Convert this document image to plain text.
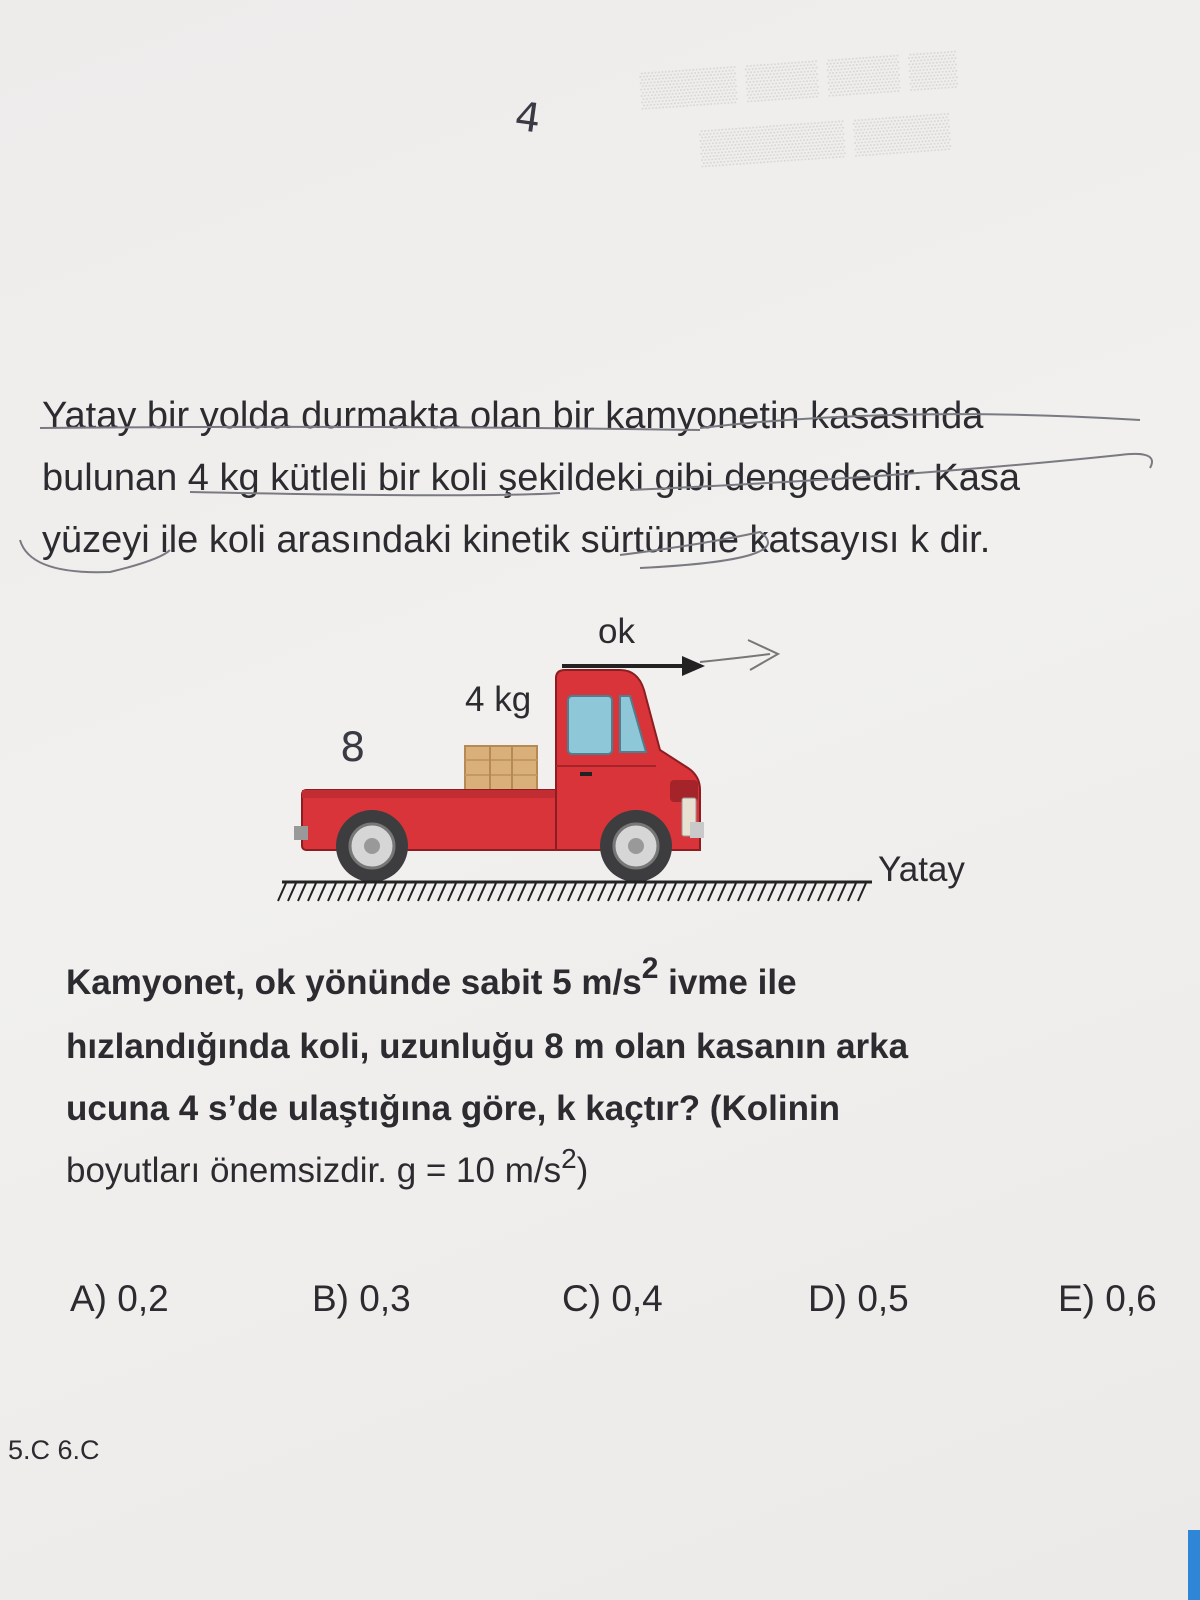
▒▒▒▒ ▒▒▒ ▒▒▒ ▒▒
▒▒▒▒▒▒ ▒▒▒▒
4
Yatay bir yolda durmakta olan bir kamyonetin kasasında
bulunan 4 kg kütleli bir koli şekildeki gibi dengededir. Kasa
yüzeyi ile koli arasındaki kinetik sürtünme katsayısı k dir.
ok
4 kg
Yatay
8
Kamyonet, ok yönünde sabit 5 m/s2 ivme ile
hızlandığında koli, uzunluğu 8 m olan kasanın arka
ucuna 4 s’de ulaştığına göre, k kaçtır? (Kolinin
boyutları önemsizdir. g = 10 $m/s^2$)
A) 0,2	B) 0,3	C) 0,4	D) 0,5	E) 0,6
5.C 6.C
